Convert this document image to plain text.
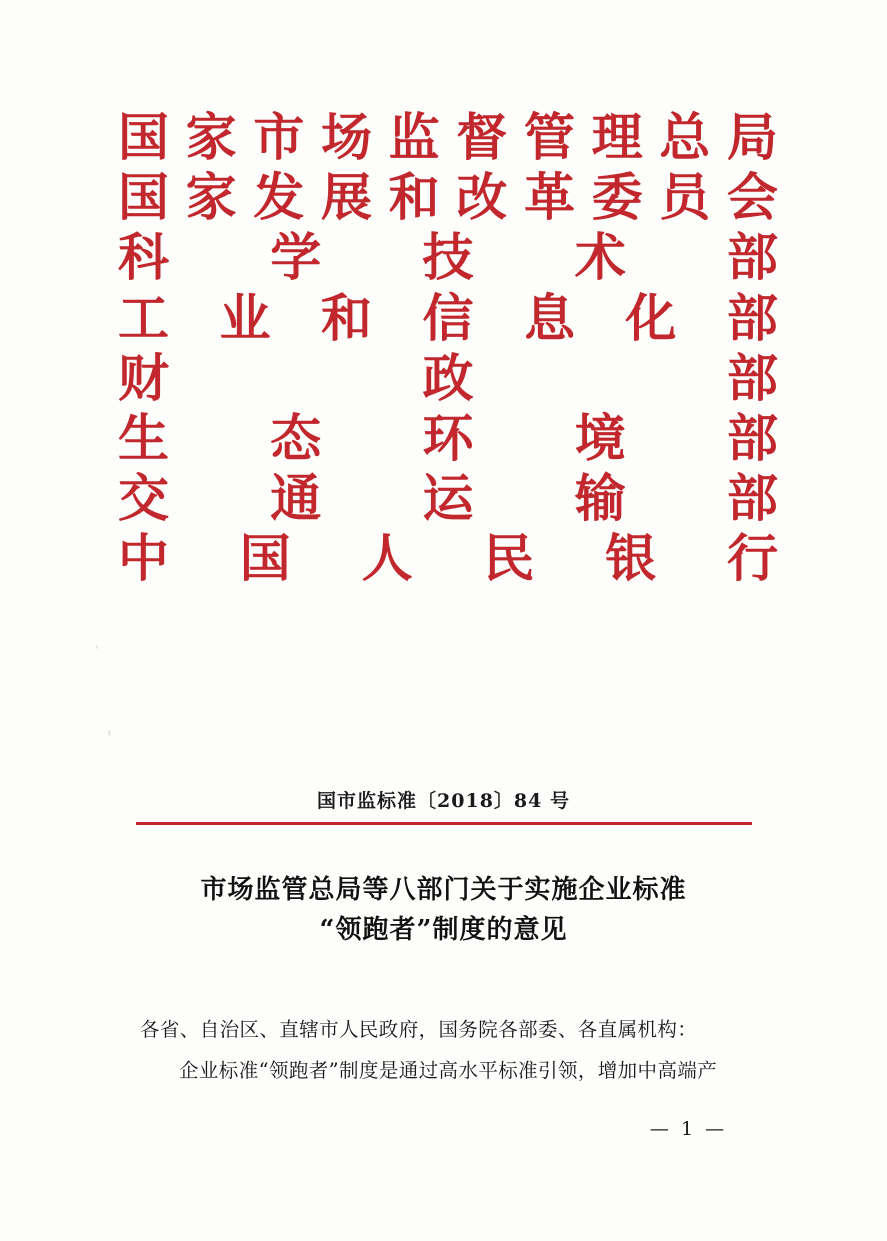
国 家 市 场 监 督 管 理 总 局
国 家 发 展 和 改 革 委 员 会
科 学 技 术 部
工 业 和 信 息 化 部
财	政	部
生 态 环 境 部
交 通 运 输 部
中 国 人 民 银 行
国市监标准〔2018〕84 号
市场监管总局等八部门关于实施企业标准
“领跑者”制度的意见

各省、自治区、直辖市人民政府，国务院各部委、各直属机构：

企业标准“领跑者”制度是通过高水平标准引领，增加中高端产

— 1 —
